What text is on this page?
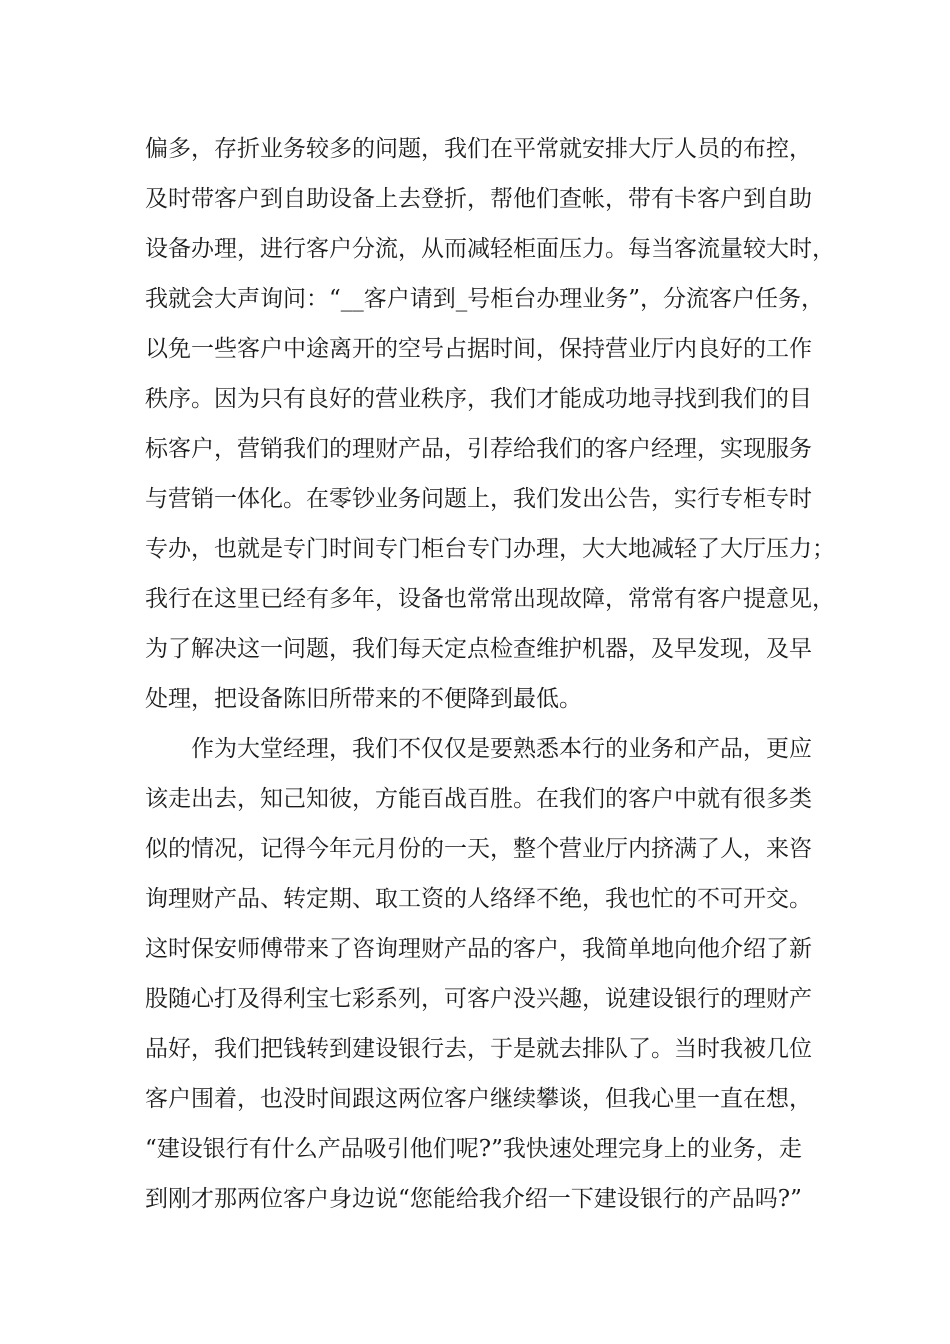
偏多，存折业务较多的问题，我们在平常就安排大厅人员的布控，
及时带客户到自助设备上去登折，帮他们查帐，带有卡客户到自助
设备办理，进行客户分流，从而减轻柜面压力。每当客流量较大时，
我就会大声询问：“__客户请到_号柜台办理业务”，分流客户任务，
以免一些客户中途离开的空号占据时间，保持营业厅内良好的工作
秩序。因为只有良好的营业秩序，我们才能成功地寻找到我们的目
标客户，营销我们的理财产品，引荐给我们的客户经理，实现服务
与营销一体化。在零钞业务问题上，我们发出公告，实行专柜专时
专办，也就是专门时间专门柜台专门办理，大大地减轻了大厅压力；
我行在这里已经有多年，设备也常常出现故障，常常有客户提意见，
为了解决这一问题，我们每天定点检查维护机器，及早发现，及早
处理，把设备陈旧所带来的不便降到最低。
　　作为大堂经理，我们不仅仅是要熟悉本行的业务和产品，更应
该走出去，知己知彼，方能百战百胜。在我们的客户中就有很多类
似的情况，记得今年元月份的一天，整个营业厅内挤满了人，来咨
询理财产品、转定期、取工资的人络绎不绝，我也忙的不可开交。
这时保安师傅带来了咨询理财产品的客户，我简单地向他介绍了新
股随心打及得利宝七彩系列，可客户没兴趣，说建设银行的理财产
品好，我们把钱转到建设银行去，于是就去排队了。当时我被几位
客户围着，也没时间跟这两位客户继续攀谈，但我心里一直在想，
“建设银行有什么产品吸引他们呢?”我快速处理完身上的业务，走
到刚才那两位客户身边说“您能给我介绍一下建设银行的产品吗?”
